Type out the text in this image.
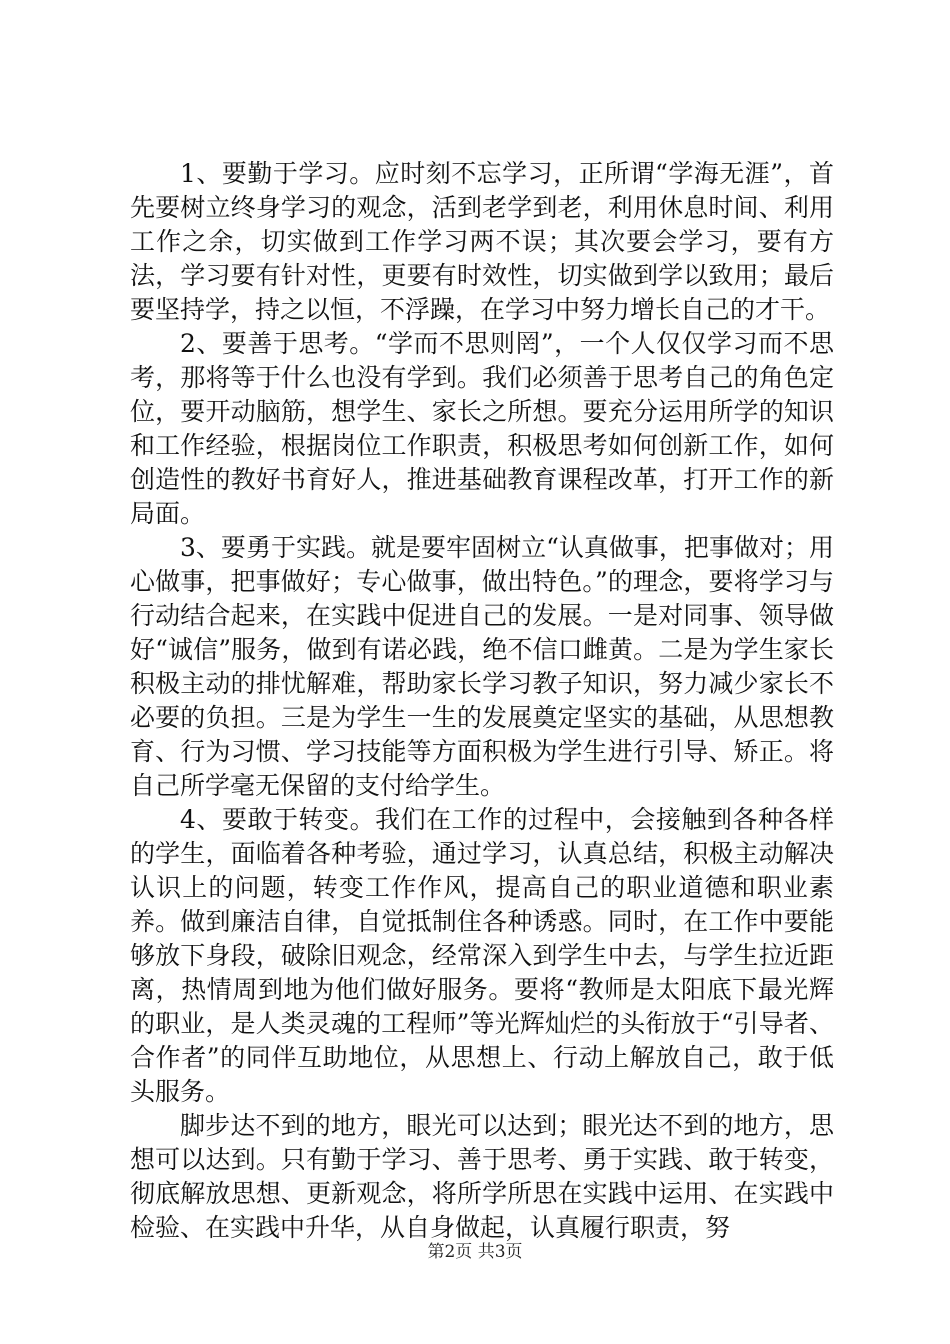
1、要勤于学习。应时刻不忘学习，正所谓“学海无涯”，首先要树立终身学习的观念，活到老学到老，利用休息时间、利用工作之余，切实做到工作学习两不误；其次要会学习，要有方法，学习要有针对性，更要有时效性，切实做到学以致用；最后要坚持学，持之以恒，不浮躁，在学习中努力增长自己的才干。

2、要善于思考。“学而不思则罔”，一个人仅仅学习而不思考，那将等于什么也没有学到。我们必须善于思考自己的角色定位，要开动脑筋，想学生、家长之所想。要充分运用所学的知识和工作经验，根据岗位工作职责，积极思考如何创新工作，如何创造性的教好书育好人，推进基础教育课程改革，打开工作的新局面。

3、要勇于实践。就是要牢固树立“认真做事，把事做对；用心做事，把事做好；专心做事，做出特色。”的理念，要将学习与行动结合起来，在实践中促进自己的发展。一是对同事、领导做好“诚信”服务，做到有诺必践，绝不信口雌黄。二是为学生家长积极主动的排忧解难，帮助家长学习教子知识，努力减少家长不必要的负担。三是为学生一生的发展奠定坚实的基础，从思想教育、行为习惯、学习技能等方面积极为学生进行引导、矫正。将自己所学毫无保留的支付给学生。

4、要敢于转变。我们在工作的过程中，会接触到各种各样的学生，面临着各种考验，通过学习，认真总结，积极主动解决认识上的问题，转变工作作风，提高自己的职业道德和职业素养。做到廉洁自律，自觉抵制住各种诱惑。同时，在工作中要能够放下身段，破除旧观念，经常深入到学生中去，与学生拉近距离，热情周到地为他们做好服务。要将“教师是太阳底下最光辉的职业，是人类灵魂的工程师”等光辉灿烂的头衔放于“引导者、合作者”的同伴互助地位，从思想上、行动上解放自己，敢于低头服务。

脚步达不到的地方，眼光可以达到；眼光达不到的地方，思想可以达到。只有勤于学习、善于思考、勇于实践、敢于转变，彻底解放思想、更新观念，将所学所思在实践中运用、在实践中检验、在实践中升华，从自身做起，认真履行职责，努

第2页 共3页
